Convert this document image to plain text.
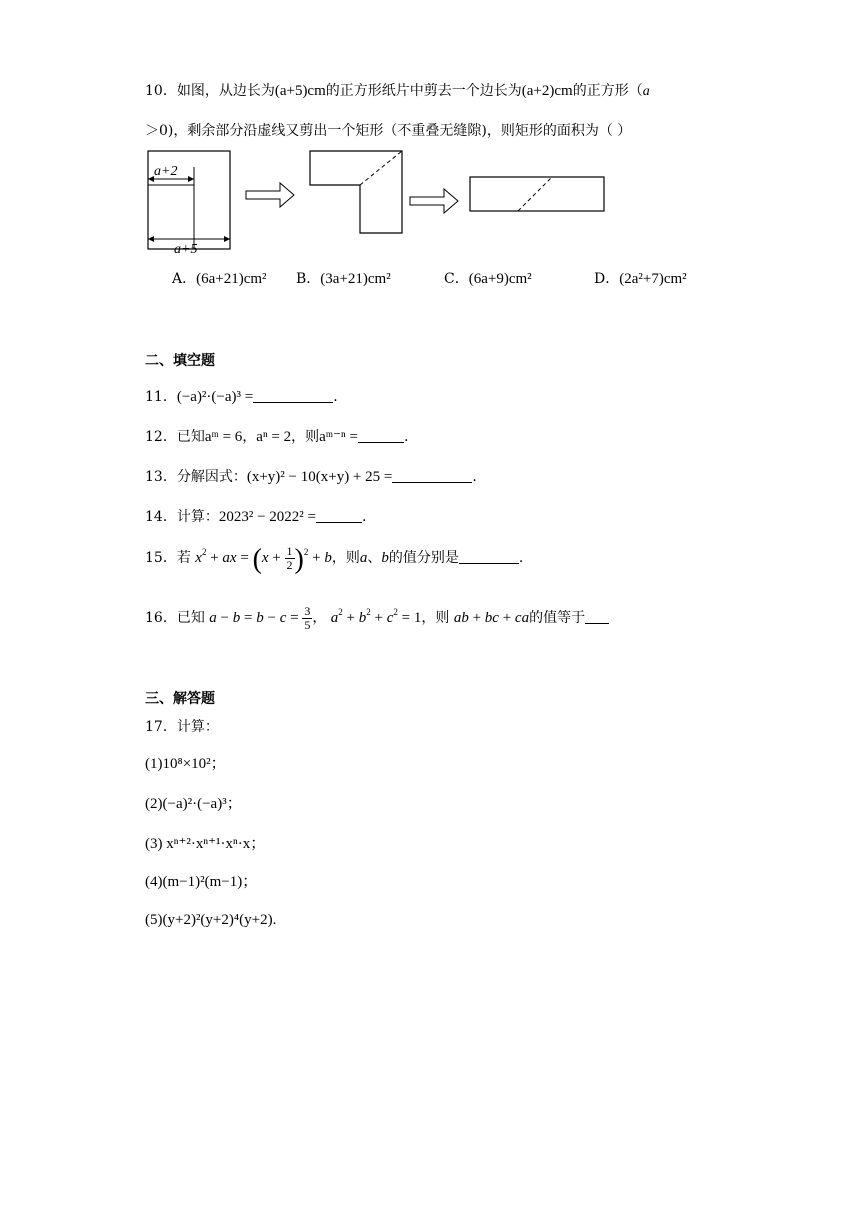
10．如图，从边长为(a+5)cm的正方形纸片中剪去一个边长为(a+2)cm的正方形（a
＞0)，剩余部分沿虚线又剪出一个矩形（不重叠无缝隙)，则矩形的面积为（ ）
a+2
a+5
A．(6a+21)cm² B．(3a+21)cm²	C．(6a+9)cm²	D．(2a²+7)cm²
二、填空题
11．(−a)²·(−a)³ =	.
12．已知aᵐ = 6，aⁿ = 2，则aᵐ⁻ⁿ =	.
13．分解因式：(x+y)² − 10(x+y) + 25 =	.
14．计算：2023² − 2022² =	.
15．若 $x^2$ + ax = $(x + \frac{1}{2} )^2 + b$，则a、b的值分别是	.
16．已知 $a - b = b - c = \frac{3}{5}$ ， $a^2 + b^2 + c^2 = 1$，则 ab + bc + ca的值等于
三、解答题
17．计算：
(1)10⁸×10²；
(2)(−a)²·(−a)³；
(3) xⁿ⁺²·xⁿ⁺¹·xⁿ·x；
(4)(m−1)²(m−1)；
(5)(y+2)²(y+2)⁴(y+2).
